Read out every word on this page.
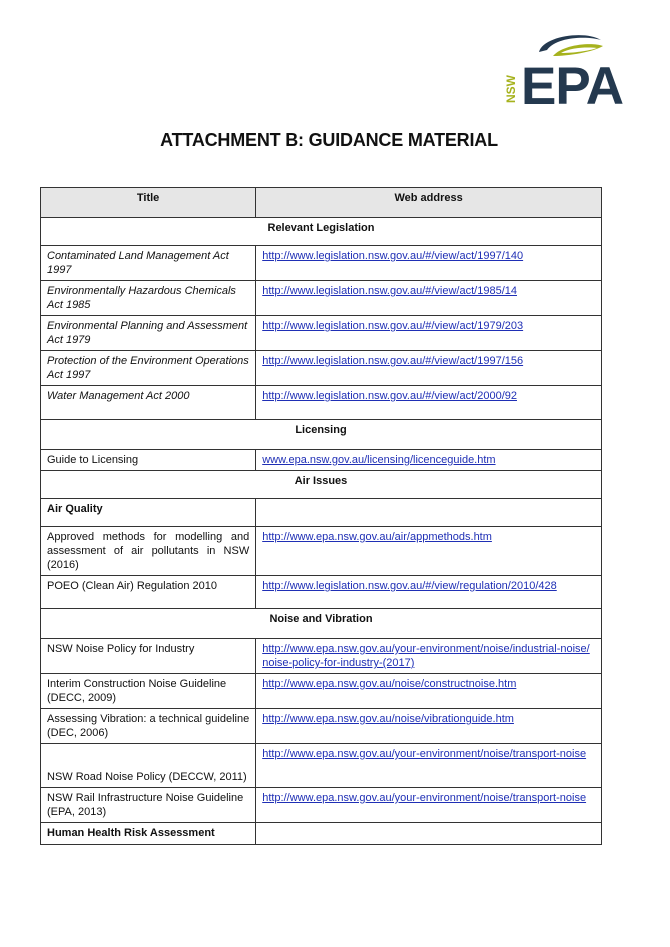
NSW EPA
ATTACHMENT B: GUIDANCE MATERIAL
Title	Web address
Relevant Legislation	
Contaminated Land Management Act 1997	http://www.legislation.nsw.gov.au/#/view/act/1997/140
Environmentally Hazardous Chemicals Act 1985	http://www.legislation.nsw.gov.au/#/view/act/1985/14
Environmental Planning and Assessment Act 1979	http://www.legislation.nsw.gov.au/#/view/act/1979/203
Protection of the Environment Operations Act 1997	http://www.legislation.nsw.gov.au/#/view/act/1997/156
Water Management Act 2000	http://www.legislation.nsw.gov.au/#/view/act/2000/92
Licensing	
Guide to Licensing	www.epa.nsw.gov.au/licensing/licenceguide.htm
Air Issues	
Air Quality	
Approved methods for modelling and assessment of air pollutants in NSW (2016)	http://www.epa.nsw.gov.au/air/appmethods.htm
POEO (Clean Air) Regulation 2010	http://www.legislation.nsw.gov.au/#/view/regulation/2010/428
Noise and Vibration	
NSW Noise Policy for Industry	http://www.epa.nsw.gov.au/your-environment/noise/industrial-noise/noise-policy-for-industry-(2017)
Interim Construction Noise Guideline (DECC, 2009)	http://www.epa.nsw.gov.au/noise/constructnoise.htm
Assessing Vibration: a technical guideline (DEC, 2006)	http://www.epa.nsw.gov.au/noise/vibrationguide.htm
NSW Road Noise Policy (DECCW, 2011)	http://www.epa.nsw.gov.au/your-environment/noise/transport-noise
NSW Rail Infrastructure Noise Guideline (EPA, 2013)	http://www.epa.nsw.gov.au/your-environment/noise/transport-noise
Human Health Risk Assessment	
